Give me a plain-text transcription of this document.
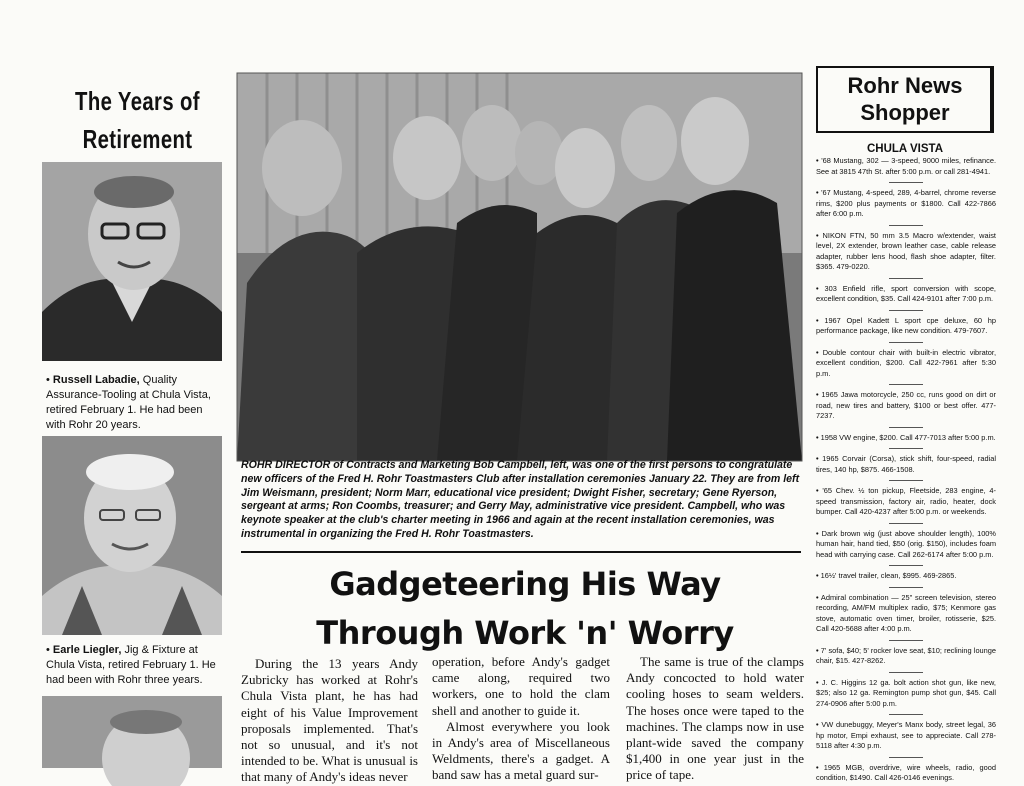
The Years of
Retirement
• Russell Labadie, Quality Assurance-Tooling at Chula Vista, retired February 1. He had been with Rohr 20 years.
• Earle Liegler, Jig & Fixture at Chula Vista, retired February 1. He had been with Rohr three years.
ROHR DIRECTOR of Contracts and Marketing Bob Campbell, left, was one of the first persons to congratulate new officers of the Fred H. Rohr Toastmasters Club after installation ceremonies January 22. They are from left Jim Weismann, president; Norm Marr, educational vice president; Dwight Fisher, secretary; Gene Ryerson, sergeant at arms; Ron Coombs, treasurer; and Gerry May, administrative vice president. Campbell, who was keynote speaker at the club's charter meeting in 1966 and again at the recent installation ceremonies, was instrumental in organizing the Fred H. Rohr Toastmasters.
Gadgeteering His Way
Through Work 'n' Worry
During the 13 years Andy Zubricky has worked at Rohr's Chula Vista plant, he has had eight of his Value Improvement proposals implemented. That's not so unusual, and it's not intended to be. What is unusual is that many of Andy's ideas never
operation, before Andy's gadget came along, required two workers, one to hold the clam shell and another to guide it.
Almost everywhere you look in Andy's area of Miscellaneous Weldments, there's a gadget. A band saw has a metal guard sur-
The same is true of the clamps Andy concocted to hold water cooling hoses to seam welders. The hoses once were taped to the machines. The clamps now in use plant-wide saved the company $1,400 in one year just in the price of tape.
Rohr News
Shopper
CHULA VISTA
• '68 Mustang, 302 — 3-speed, 9000 miles, refinance. See at 3815 47th St. after 5:00 p.m. or call 281-4941.
• '67 Mustang, 4-speed, 289, 4-barrel, chrome reverse rims, $200 plus payments or $1800. Call 422-7866 after 6:00 p.m.
• NIKON FTN, 50 mm 3.5 Macro w/extender, waist level, 2X extender, brown leather case, cable release adapter, rubber lens hood, flash shoe adapter, filter. $365. 479-0220.
• 303 Enfield rifle, sport conversion with scope, excellent condition, $35. Call 424-9101 after 7:00 p.m.
• 1967 Opel Kadett L sport cpe deluxe, 60 hp performance package, like new condition. 479-7607.
• Double contour chair with built-in electric vibrator, excellent condition, $200. Call 422-7961 after 5:30 p.m.
• 1965 Jawa motorcycle, 250 cc, runs good on dirt or road, new tires and battery, $100 or best offer. 477-7237.
• 1958 VW engine, $200. Call 477-7013 after 5:00 p.m.
• 1965 Corvair (Corsa), stick shift, four-speed, radial tires, 140 hp, $875. 466-1508.
• '65 Chev. ½ ton pickup, Fleetside, 283 engine, 4-speed transmission, factory air, radio, heater, dock bumper. Call 420-4237 after 5:00 p.m. or weekends.
• Dark brown wig (just above shoulder length), 100% human hair, hand tied, $50 (orig. $150), includes foam head with carrying case. Call 262-6174 after 5:00 p.m.
• 16½' travel trailer, clean, $995. 469-2865.
• Admiral combination — 25" screen television, stereo recording, AM/FM multiplex radio, $75; Kenmore gas stove, automatic oven timer, broiler, rotisserie, $25. Call 420-5688 after 4:00 p.m.
• 7' sofa, $40; 5' rocker love seat, $10; reclining lounge chair, $15. 427-8262.
• J. C. Higgins 12 ga. bolt action shot gun, like new, $25; also 12 ga. Remington pump shot gun, $45. Call 274-0906 after 5:00 p.m.
• VW dunebuggy, Meyer's Manx body, street legal, 36 hp motor, Empi exhaust, see to appreciate. Call 278-5118 after 4:30 p.m.
• 1965 MGB, overdrive, wire wheels, radio, good condition, $1490. Call 426-0146 evenings.
